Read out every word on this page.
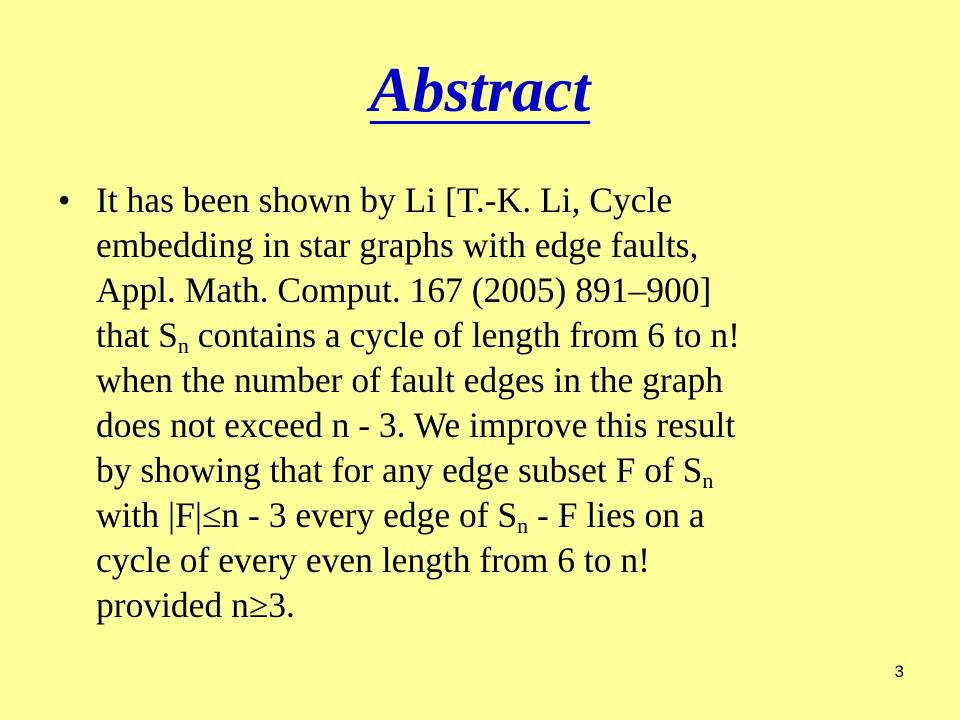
Abstract
• It has been shown by Li [T.-K. Li, Cycle
embedding in star graphs with edge faults,
Appl. Math. Comput. 167 (2005) 891–900]
that $S_n$ contains a cycle of length from 6 to n!
when the number of fault edges in the graph
does not exceed n - 3. We improve this result
by showing that for any edge subset F of $S_n$
with |F|≤n - 3 every edge of $S_n$ - F lies on a
cycle of every even length from 6 to n!
provided n≥3.
3
